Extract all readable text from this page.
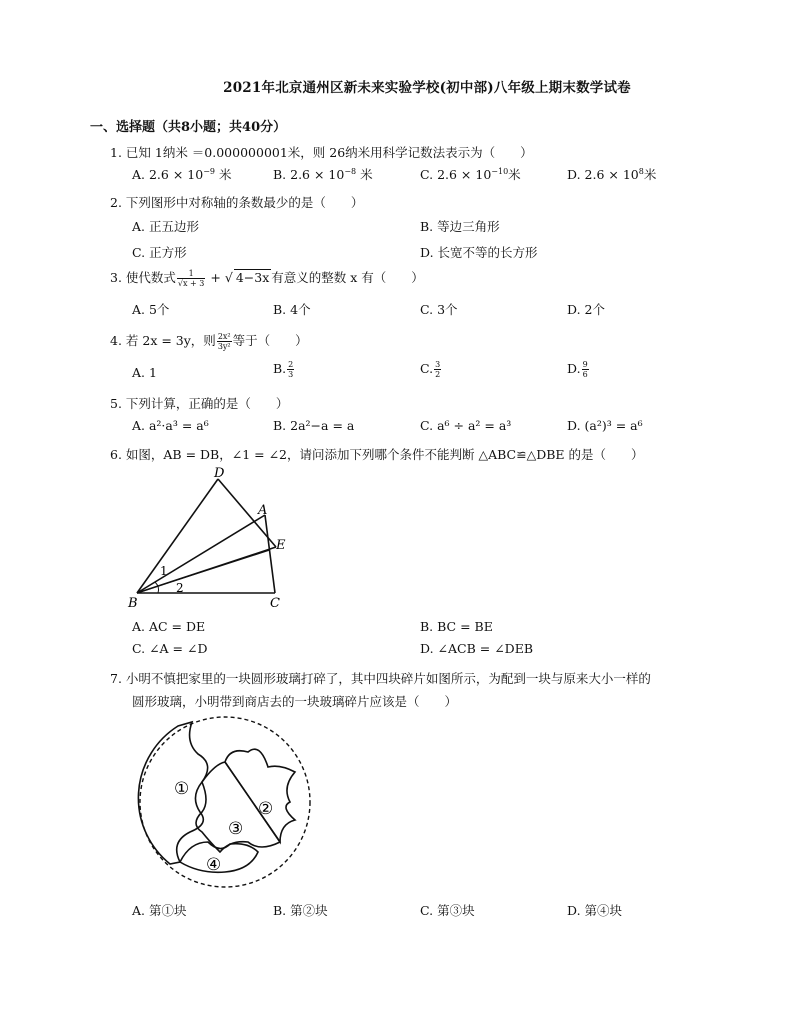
2021年北京通州区新未来实验学校(初中部)八年级上期末数学试卷
一、选择题（共8小题；共40分）
1. 已知 1纳米 ＝0.000000001米，则 26纳米用科学记数法表示为（　　）
A. $2.6 \times 10^{-9}$ 米	B. $2.6 \times 10^{-8}$ 米	C. $2.6 \times 10^{-10}$米	D. $2.6 \times 10^8$米
2. 下列图形中对称轴的条数最少的是（　　）
A. 正五边形	B. 等边三角形
C. 正方形	D. 长宽不等的长方形
3. 使代数式 $\frac{1}{√x + 3}$ + √ 4−3x 有意义的整数 x 有（　　）
A. 5个	B. 4个	C. 3个	D. 2个
4. 若 2x = 3y，则 $\frac{\text{2x²}}{\text{3y²}}$ 等于（　　）
A. 1	B. $\frac{2}{3}$	C. $\frac{3}{2}$	D. $\frac{9}{6}$
5. 下列计算，正确的是（　　）
A. a²·a³ = a⁶	B. 2a²−a = a	C. a⁶ ÷ a² = a³	D. (a²)³ = a⁶
6. 如图，AB = DB，∠1 = ∠2，请问添加下列哪个条件不能判断 △ABC≌△DBE 的是（　　）
D
A
E
B	C
1
2
A. AC = DE	B. BC = BE
C. ∠A = ∠D	D. ∠ACB = ∠DEB
7. 小明不慎把家里的一块圆形玻璃打碎了，其中四块碎片如图所示，为配到一块与原来大小一样的
圆形玻璃，小明带到商店去的一块玻璃碎片应该是（　　）
①
②
③
④
A. 第①块	B. 第②块	C. 第③块	D. 第④块
